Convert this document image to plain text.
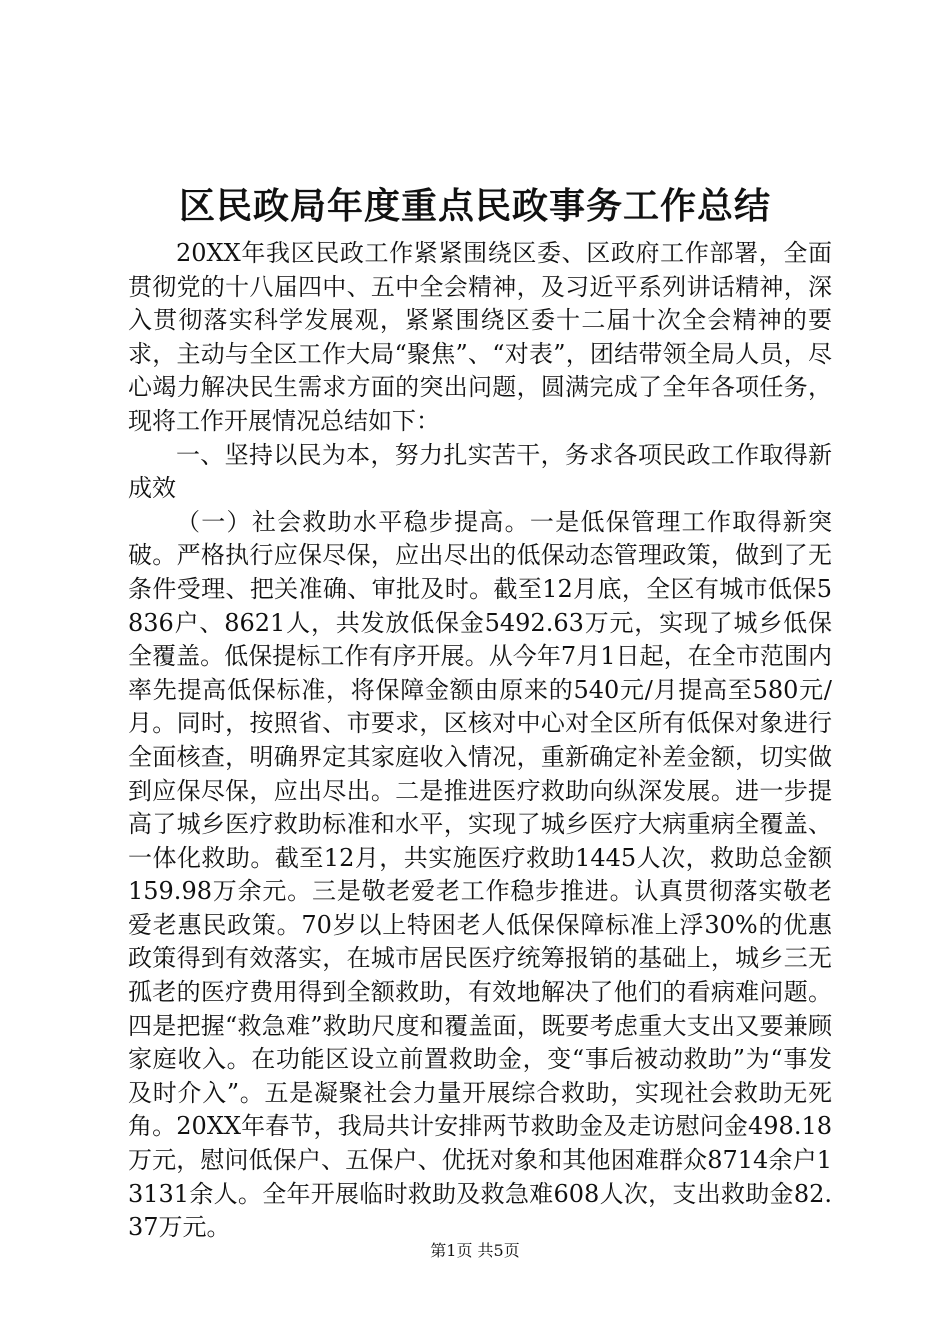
区民政局年度重点民政事务工作总结

20XX年我区民政工作紧紧围绕区委、区政府工作部署，全面贯彻党的十八届四中、五中全会精神，及习近平系列讲话精神，深入贯彻落实科学发展观，紧紧围绕区委十二届十次全会精神的要求，主动与全区工作大局“聚焦”、“对表”，团结带领全局人员，尽心竭力解决民生需求方面的突出问题，圆满完成了全年各项任务，现将工作开展情况总结如下：

一、坚持以民为本，努力扎实苦干，务求各项民政工作取得新成效

（一）社会救助水平稳步提高。一是低保管理工作取得新突破。严格执行应保尽保，应出尽出的低保动态管理政策，做到了无条件受理、把关准确、审批及时。截至12月底，全区有城市低保5836户、8621人，共发放低保金5492.63万元，实现了城乡低保全覆盖。低保提标工作有序开展。从今年7月1日起，在全市范围内率先提高低保标准，将保障金额由原来的540元/月提高至580元/月。同时，按照省、市要求，区核对中心对全区所有低保对象进行全面核查，明确界定其家庭收入情况，重新确定补差金额，切实做到应保尽保，应出尽出。二是推进医疗救助向纵深发展。进一步提高了城乡医疗救助标准和水平，实现了城乡医疗大病重病全覆盖、一体化救助。截至12月，共实施医疗救助1445人次，救助总金额159.98万余元。三是敬老爱老工作稳步推进。认真贯彻落实敬老爱老惠民政策。70岁以上特困老人低保保障标准上浮30%的优惠政策得到有效落实，在城市居民医疗统筹报销的基础上，城乡三无孤老的医疗费用得到全额救助，有效地解决了他们的看病难问题。四是把握“救急难”救助尺度和覆盖面，既要考虑重大支出又要兼顾家庭收入。在功能区设立前置救助金，变“事后被动救助”为“事发及时介入”。五是凝聚社会力量开展综合救助，实现社会救助无死角。20XX年春节，我局共计安排两节救助金及走访慰问金498.18万元，慰问低保户、五保户、优抚对象和其他困难群众8714余户13131余人。全年开展临时救助及救急难608人次，支出救助金82.37万元。

第1页 共5页
